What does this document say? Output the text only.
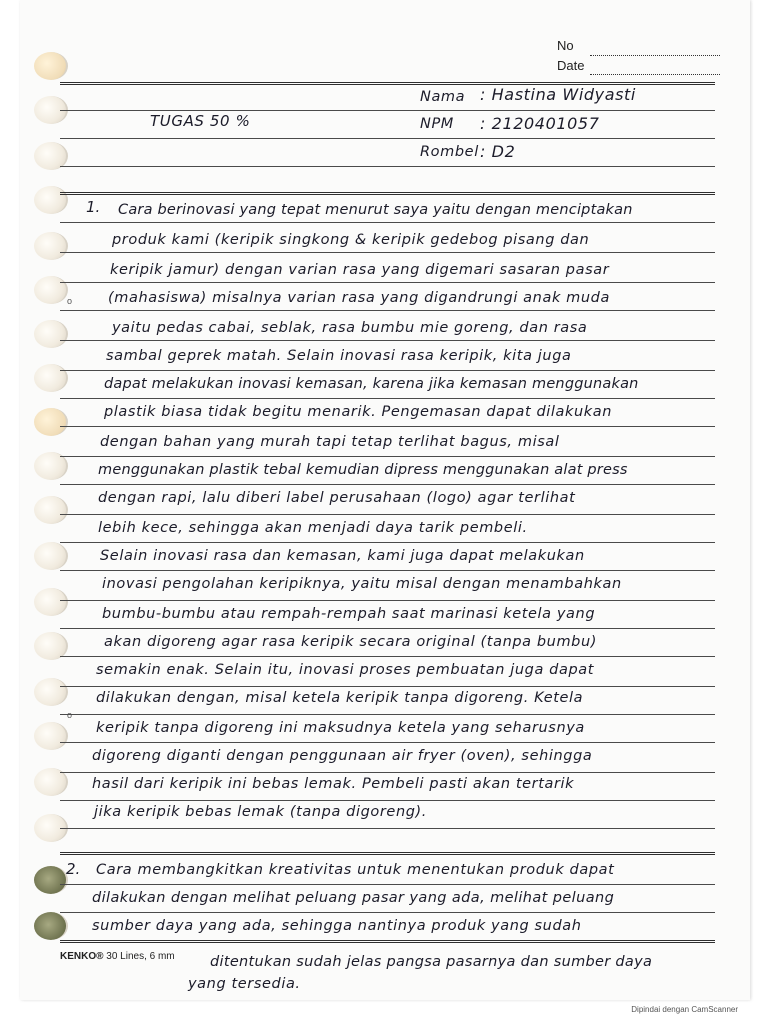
o
o
No
Date
TUGAS 50 %
Nama : Hastina Widyasti
NPM : 2120401057
Rombel : D2
1. Cara berinovasi yang tepat menurut saya yaitu dengan menciptakan
produk kami (keripik singkong & keripik gedebog pisang dan
keripik jamur) dengan varian rasa yang digemari sasaran pasar
(mahasiswa) misalnya varian rasa yang digandrungi anak muda
yaitu pedas cabai, seblak, rasa bumbu mie goreng, dan rasa
sambal geprek matah. Selain inovasi rasa keripik, kita juga
dapat melakukan inovasi kemasan, karena jika kemasan menggunakan
plastik biasa tidak begitu menarik. Pengemasan dapat dilakukan
dengan bahan yang murah tapi tetap terlihat bagus, misal
menggunakan plastik tebal kemudian dipress menggunakan alat press
dengan rapi, lalu diberi label perusahaan (logo) agar terlihat
lebih kece, sehingga akan menjadi daya tarik pembeli.
Selain inovasi rasa dan kemasan, kami juga dapat melakukan
inovasi pengolahan keripiknya, yaitu misal dengan menambahkan
bumbu-bumbu atau rempah-rempah saat marinasi ketela yang
akan digoreng agar rasa keripik secara original (tanpa bumbu)
semakin enak. Selain itu, inovasi proses pembuatan juga dapat
dilakukan dengan, misal ketela keripik tanpa digoreng. Ketela
keripik tanpa digoreng ini maksudnya ketela yang seharusnya
digoreng diganti dengan penggunaan air fryer (oven), sehingga
hasil dari keripik ini bebas lemak. Pembeli pasti akan tertarik
jika keripik bebas lemak (tanpa digoreng).
2. Cara membangkitkan kreativitas untuk menentukan produk dapat
dilakukan dengan melihat peluang pasar yang ada, melihat peluang
sumber daya yang ada, sehingga nantinya produk yang sudah
ditentukan sudah jelas pangsa pasarnya dan sumber daya
yang tersedia.
KENKO® 30 Lines, 6 mm
Dipindai dengan CamScanner
